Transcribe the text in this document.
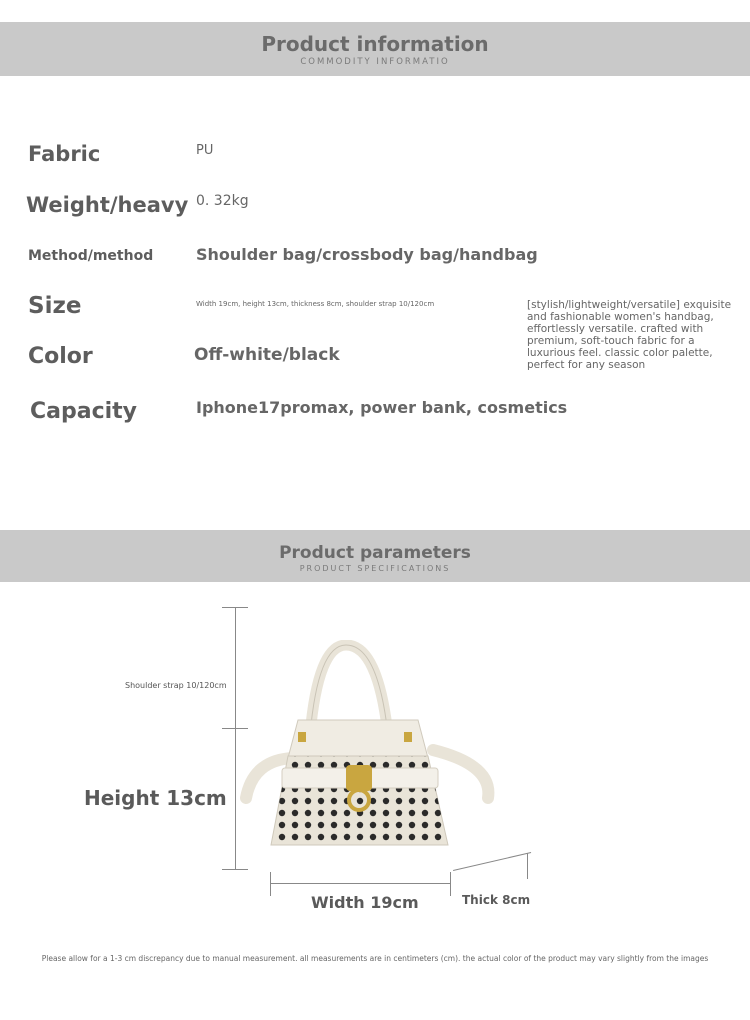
Product information
COMMODITY INFORMATIO
Fabric	PU
Weight/heavy 0. 32kg
Method/method	Shoulder bag/crossbody bag/handbag
Size	Width 19cm, height 13cm, thickness 8cm, shoulder strap 10/120cm
Color	Off-white/black
Capacity	Iphone17promax, power bank, cosmetics
[stylish/lightweight/versatile] exquisite and fashionable women's handbag, effortlessly versatile. crafted with premium, soft-touch fabric for a luxurious feel. classic color palette, perfect for any season
Product parameters
PRODUCT SPECIFICATIONS
Shoulder strap 10/120cm
Height 13cm
Width 19cm	Thick 8cm
Please allow for a 1-3 cm discrepancy due to manual measurement. all measurements are in centimeters (cm). the actual color of the product may vary slightly from the images
